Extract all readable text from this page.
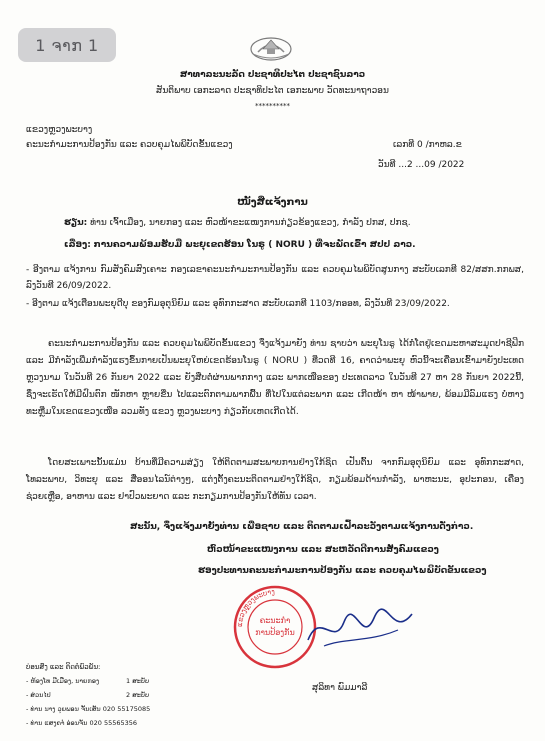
1 ຈາກ 1
ສາທາລະນະລັດ ປະຊາທິປະໄຕ ປະຊາຊົນລາວ
ສັນຕິພາບ ເອກະລາດ ປະຊາທິປະໄຕ ເອກະພາບ ວັດທະນາຖາວອນ
**********
ແຂວງຫຼວງພະບາງ
ຄະນະກຳມະການປ້ອງກັນ ແລະ ຄວບຄຸມໄພພິບັດຂັ້ນແຂວງ	ເລກທີ 0 /ກາຫລ.ຂ
ວັນທີ ...2 ...09 /2022
ໜັງສືແຈ້ງການ
ຮຽນ: ທ່ານ ເຈົ້າເມືອງ, ນາຍກອງ ແລະ ຫົວໜ້າຂະແໜງການກ່ຽວຂ້ອງແຂວງ, ກຳລັງ ປກສ, ປກຊ.
ເລື່ອງ: ການຄວາມພ້ອມຮັບມື ພະຍຸເຂດຮ້ອນ ໂນຣູ ( NORU ) ທີ່ຈະພັດເຂົ້າ ສປປ ລາວ.

- ອີງຕາມ ແຈ້ງການ ກົມສັງຄົມສົງເຄາະ ກອງເລຂາຄະນະກຳມະການປ້ອງກັນ ແລະ ຄວບຄຸມໄພພິບັດສູນກາງ ສະບັບເລກທີ 82/ສສກ.ກກພສ, ລົງວັນທີ 26/09/2022.

- ອີງຕາມ ແຈ້ງເຕືອນພະຍຸດີບຸ ຂອງກົມອຸຕຸນິຍົມ ແລະ ອຸທົກກະສາດ ສະບັບເລກທີ 1103/ກອອທ, ລົງວັນທີ 23/09/2022.

ຄະນະກຳມະການປ້ອງກັນ ແລະ ຄວບຄຸມໄພພິບັດຂັ້ນແຂວງ ຈຶ່ງແຈ້ງມາຍັງ ທ່ານ ຊາບວ່າ ພະຍຸໂນຣູ ໄດ້ກໍ່ໂຕຢູ່ເຂດມະຫາສະມຸດປາຊີຟິກ ແລະ ມີກຳລັງເພີ່ມກຳລັງແຮງຂຶ້ນກາຍເປັນພະຍຸໃຫຍ່ເຂດຮ້ອນໂນຣູ ( NORU ) ທີ່ວດທີ 16, ຄາດວ່າພະຍຸ ຫົວນີ້ຈະເຄື່ອນເຂົ້າມາຍັງປະເທດຫຼວງນາມ ໃນວັນທີ 26 ກັນຍາ 2022 ແລະ ຍັງສືບຕໍ່ຜ່ານພາກກາງ ແລະ ພາກເໜືອຂອງ ປະເທດລາວ ໃນວັນທີ 27 ຫາ 28 ກັນຍາ 2022ນີ້, ຊຶ່ງຈະເຮັດໃຫ້ມີຝົນຕົກ ໜັກຫາ ຫຼາຍຂີ່ນ ໄປແລະຕົກຕາມພາກພື້ນ ທີ່ໄປໃນແຕ່ລະພາກ ແລະ ເກີດໜ້າ ຫາ ໜ້າພາຍ, ພ້ອມມີລົມແຮງ ບໍ່ຫາງທະຫຼີ່ມໃນເຂດແຂວງເໜືອ ລວມທັງ ແຂວງ ຫຼວງພະບາງ ກ່ຽວກັບເຫດເກີດໄດ້.

ໂດຍສະເພາະນັ້ນແມ່ນ ບ້ານທີ່ມີຄວາມສ່ຽງ ໃຫ້ຕິດຕາມສະພາບການຢ່າງໃກ້ຊິດ ເປັນຕົ້ນ ຈາກກົມອຸຕຸນິຍົມ ແລະ ອຸທົກກະສາດ, ໂທລະພາບ, ວິທະຍຸ ແລະ ສື່ອອນໄລນ໌ຕ່າງໆ, ແຕ່ງຕັ້ງຄະນະຕິດຕາມຢ່າງໃກ້ຊິດ, ກຽມພ້ອມດ້ານກຳລັງ, ພາຫະນະ, ອຸປະກອນ, ເຄື່ອງຊ່ວຍເຫຼືອ, ອາຫານ ແລະ ຢາປົວພະຍາດ ແລະ ກະກຽມການປ້ອງກັນໃຫ້ທັນ ເວລາ.

ສະນັ້ນ, ຈຶ່ງແຈ້ງມາຍັງທ່ານ ເພື່ອຊາບ ແລະ ຕິດຕາມເຝົ້າລະວັງຕາມແຈ້ງການດັ່ງກ່າວ.
ຫົວໜ້າຂະແໜງການ ແລະ ສະຫວັດດີການສັງຄົມແຂວງ
ຮອງປະທານຄະນະກຳມະການປ້ອງກັນ ແລະ ຄວບຄຸມໄພພິບັດຂັ້ນແຂວງ
ແຂວງຫຼວງພະບາງ
ຄະນະກຳ
ການປ້ອງກັນ
ສຸລິທາ ພົມມາລີ
ບ່ອນສົ່ງ ແລະ ຕິດຕໍ່ພົວພັນ:
- ຫ້ອງໂທ ມີເມືອງ, ນາຍກອງ	1 ສະບັບ
- ສ່ວນໄປ	2 ສະບັບ
- ທ່ານ ນາງ ວຸຍພອນ ຈັ້ນເສັນ 020 55175085
- ທ່ານ ແສງຄາໍ ອ່ອນຈັນ 020 55565356
